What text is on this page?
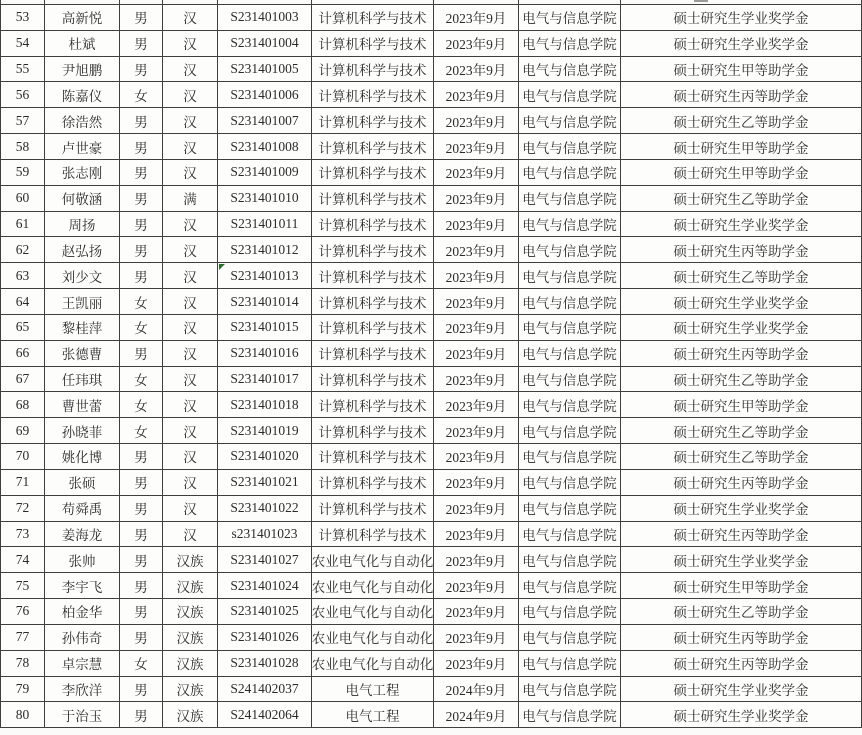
53 高新悦 男	汉 S231401003 计算机科学与技术 2023年9月 电气与信息学院	硕士研究生学业奖学金
54	杜斌	男	汉 S231401004 计算机科学与技术 2023年9月 电气与信息学院	硕士研究生学业奖学金
55 尹旭鹏 男	汉 S231401005 计算机科学与技术 2023年9月 电气与信息学院	硕士研究生甲等助学金
56 陈嘉仪 女	汉 S231401006 计算机科学与技术 2023年9月 电气与信息学院	硕士研究生丙等助学金
57 徐浩然 男	汉 S231401007 计算机科学与技术 2023年9月 电气与信息学院	硕士研究生乙等助学金
58 卢世豪 男	汉 S231401008 计算机科学与技术 2023年9月 电气与信息学院	硕士研究生甲等助学金
59 张志刚 男	汉 S231401009 计算机科学与技术 2023年9月 电气与信息学院	硕士研究生甲等助学金
60 何敬涵 男	满 S231401010 计算机科学与技术 2023年9月 电气与信息学院	硕士研究生乙等助学金
61	周扬	男	汉	S231401011 计算机科学与技术 2023年9月 电气与信息学院	硕士研究生学业奖学金
62 赵弘扬 男	汉 S231401012 计算机科学与技术 2023年9月 电气与信息学院	硕士研究生丙等助学金
63 刘少文 男	汉 S231401013 计算机科学与技术 2023年9月 电气与信息学院	硕士研究生乙等助学金
64 王凯丽 女	汉 S231401014 计算机科学与技术 2023年9月 电气与信息学院	硕士研究生学业奖学金
65 黎桂萍 女	汉 S231401015 计算机科学与技术 2023年9月 电气与信息学院	硕士研究生学业奖学金
66 张德曹 男	汉 S231401016 计算机科学与技术 2023年9月 电气与信息学院	硕士研究生丙等助学金
67 任玮琪 女	汉 S231401017 计算机科学与技术 2023年9月 电气与信息学院	硕士研究生乙等助学金
68 曹世蕾 女	汉 S231401018 计算机科学与技术 2023年9月 电气与信息学院	硕士研究生甲等助学金
69 孙晓菲 女	汉 S231401019 计算机科学与技术 2023年9月 电气与信息学院	硕士研究生乙等助学金
70 姚化博 男	汉 S231401020 计算机科学与技术 2023年9月 电气与信息学院	硕士研究生乙等助学金
71	张硕	男	汉 S231401021 计算机科学与技术 2023年9月 电气与信息学院	硕士研究生丙等助学金
72 苟舜禹 男	汉 S231401022 计算机科学与技术 2023年9月 电气与信息学院	硕士研究生学业奖学金
73 姜海龙 男	汉	s231401023 计算机科学与技术 2023年9月 电气与信息学院	硕士研究生丙等助学金
74	张帅	男 汉族 S231401027 农业电气化与自动化 2023年9月 电气与信息学院	硕士研究生学业奖学金
75 李宇飞 男 汉族 S231401024 农业电气化与自动化 2023年9月 电气与信息学院	硕士研究生甲等助学金
76 柏金华 男 汉族 S231401025 农业电气化与自动化 2023年9月 电气与信息学院	硕士研究生乙等助学金
77 孙伟奇 男 汉族 S231401026 农业电气化与自动化 2023年9月 电气与信息学院	硕士研究生丙等助学金
78 卓宗慧 女 汉族 S231401028 农业电气化与自动化 2023年9月 电气与信息学院	硕士研究生丙等助学金
79 李欣洋 男 汉族 S241402037	电气工程	2024年9月 电气与信息学院	硕士研究生学业奖学金
80 于治玉 男 汉族 S241402064	电气工程	2024年9月 电气与信息学院	硕士研究生学业奖学金
